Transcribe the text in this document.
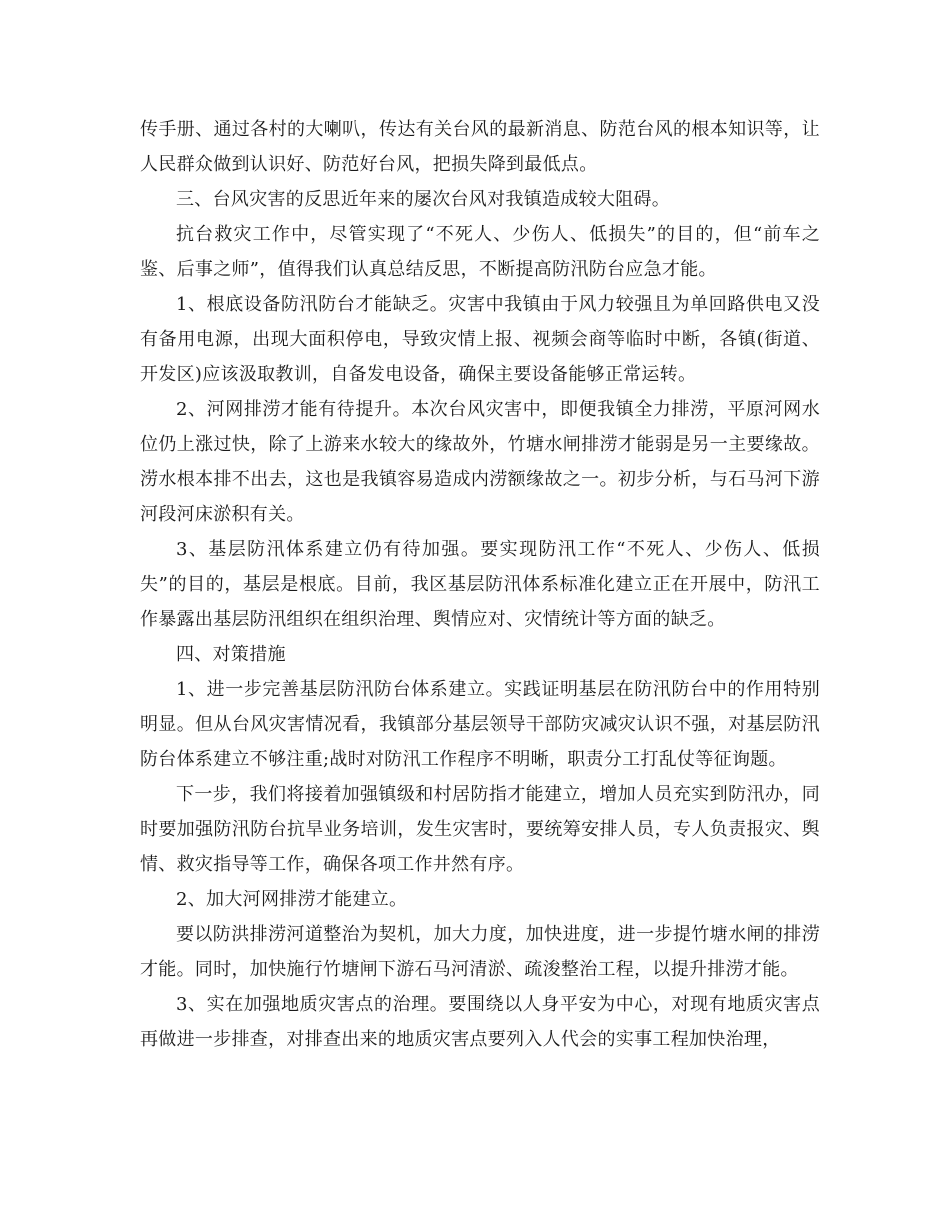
传手册、通过各村的大喇叭，传达有关台风的最新消息、防范台风的根本知识等，让人民群众做到认识好、防范好台风，把损失降到最低点。

三、台风灾害的反思近年来的屡次台风对我镇造成较大阻碍。

抗台救灾工作中，尽管实现了“不死人、少伤人、低损失”的目的，但“前车之鉴、后事之师”，值得我们认真总结反思，不断提高防汛防台应急才能。

1、根底设备防汛防台才能缺乏。灾害中我镇由于风力较强且为单回路供电又没有备用电源，出现大面积停电，导致灾情上报、视频会商等临时中断，各镇(街道、开发区)应该汲取教训，自备发电设备，确保主要设备能够正常运转。

2、河网排涝才能有待提升。本次台风灾害中，即便我镇全力排涝，平原河网水位仍上涨过快，除了上游来水较大的缘故外，竹塘水闸排涝才能弱是另一主要缘故。涝水根本排不出去，这也是我镇容易造成内涝额缘故之一。初步分析，与石马河下游河段河床淤积有关。

3、基层防汛体系建立仍有待加强。要实现防汛工作“不死人、少伤人、低损失”的目的，基层是根底。目前，我区基层防汛体系标准化建立正在开展中，防汛工作暴露出基层防汛组织在组织治理、舆情应对、灾情统计等方面的缺乏。

四、对策措施

1、进一步完善基层防汛防台体系建立。实践证明基层在防汛防台中的作用特别明显。但从台风灾害情况看，我镇部分基层领导干部防灾减灾认识不强，对基层防汛防台体系建立不够注重;战时对防汛工作程序不明晰，职责分工打乱仗等征询题。

下一步，我们将接着加强镇级和村居防指才能建立，增加人员充实到防汛办，同时要加强防汛防台抗旱业务培训，发生灾害时，要统筹安排人员，专人负责报灾、舆情、救灾指导等工作，确保各项工作井然有序。

2、加大河网排涝才能建立。

要以防洪排涝河道整治为契机，加大力度，加快进度，进一步提竹塘水闸的排涝才能。同时，加快施行竹塘闸下游石马河清淤、疏浚整治工程，以提升排涝才能。

3、实在加强地质灾害点的治理。要围绕以人身平安为中心，对现有地质灾害点再做进一步排查，对排查出来的地质灾害点要列入人代会的实事工程加快治理，
